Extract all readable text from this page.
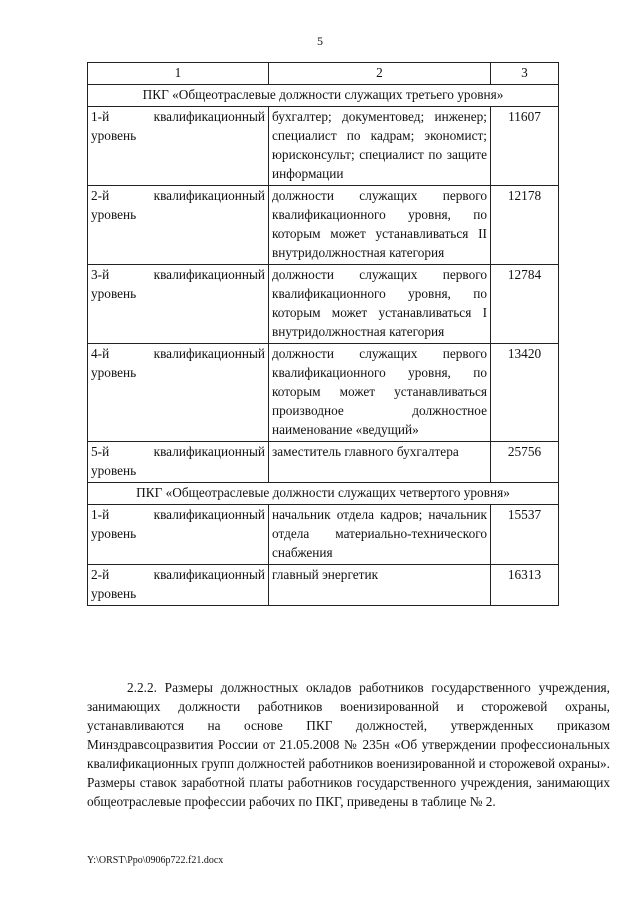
5
1	2	3
ПКГ «Общеотраслевые должности служащих третьего уровня»		
1-й квалификационный уровень	бухгалтер; документовед; инженер; специалист по кадрам; экономист; юрисконсульт; специалист по защите информации	11607
2-й квалификационный уровень	должности служащих первого квалификационного уровня, по которым может устанавливаться II внутридолжностная категория	12178
3-й квалификационный уровень	должности служащих первого квалификационного уровня, по которым может устанавливаться I внутридолжностная категория	12784
4-й квалификационный уровень	должности служащих первого квалификационного уровня, по которым может устанавливаться производное должностное наименование «ведущий»	13420
5-й квалификационный уровень	заместитель главного бухгалтера	25756
ПКГ «Общеотраслевые должности служащих четвертого уровня»		
1-й квалификационный уровень	начальник отдела кадров; начальник отдела материально-технического снабжения	15537
2-й квалификационный уровень	главный энергетик	16313

2.2.2. Размеры должностных окладов работников государственного учреждения, занимающих должности работников военизированной и сторожевой охраны, устанавливаются на основе ПКГ должностей, утвержденных приказом Минздравсоцразвития России от 21.05.2008 № 235н «Об утверждении профессиональных квалификационных групп должностей работников военизированной и сторожевой охраны». Размеры ставок заработной платы работников государственного учреждения, занимающих общеотраслевые профессии рабочих по ПКГ, приведены в таблице № 2.

Y:\ORST\Ppo\0906p722.f21.docx
